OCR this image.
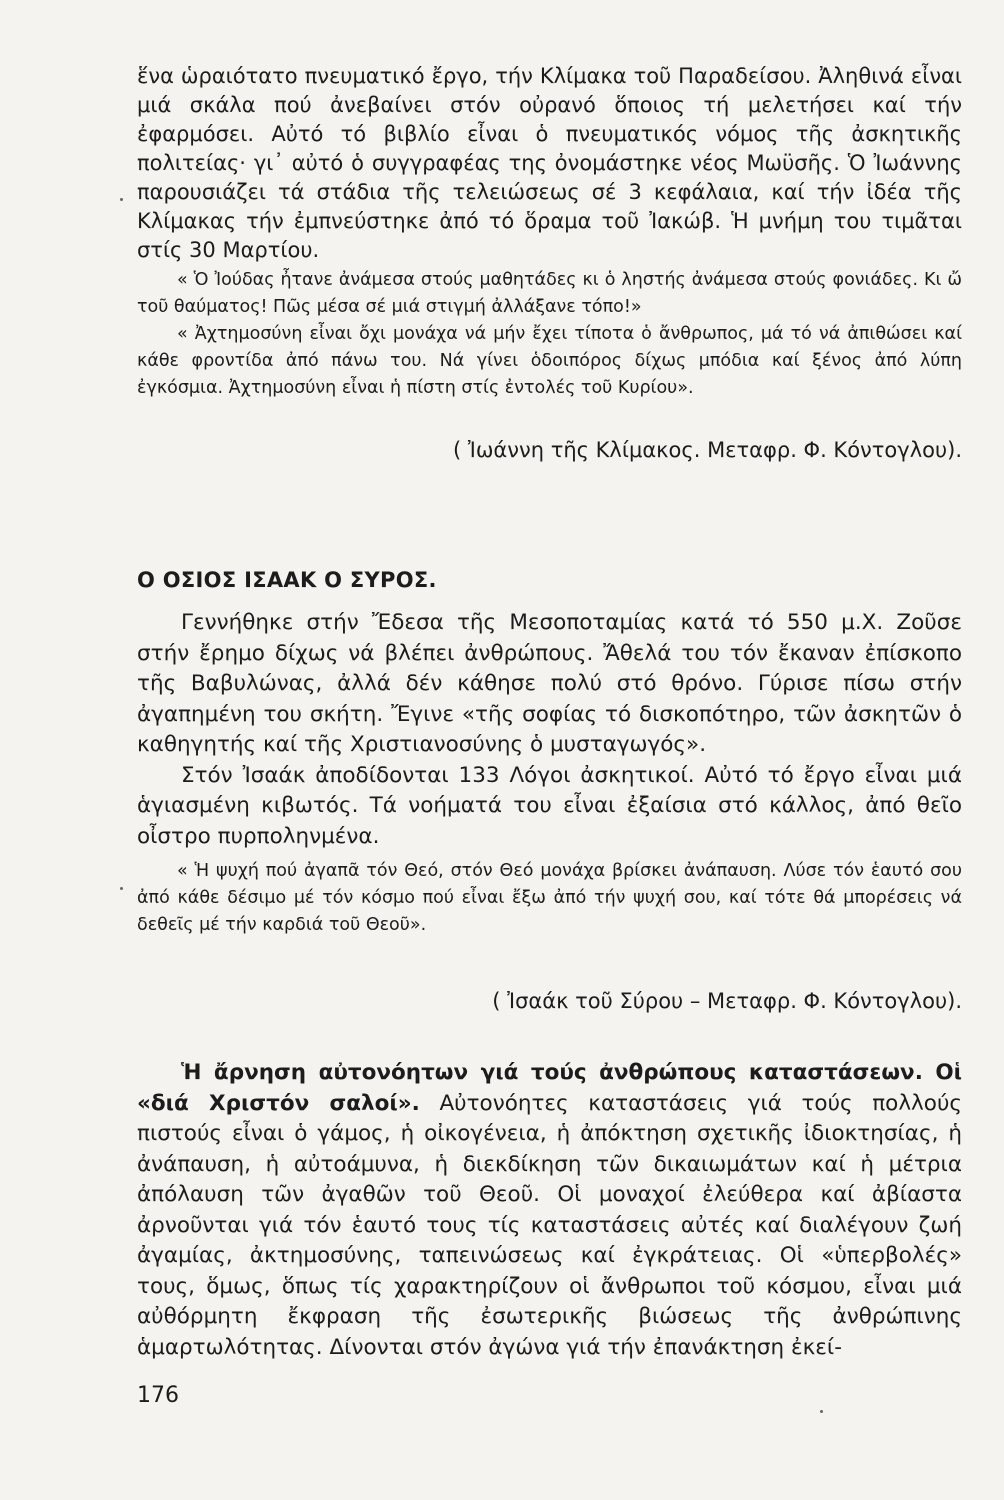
ἕνα ὡραιότατο πνευματικό ἔργο, τήν Κλίμακα τοῦ Παραδείσου. Ἀληθινά εἶναι μιά σκάλα πού ἀνεβαίνει στόν οὐρανό ὅποιος τή μελετήσει καί τήν ἐφαρμόσει. Αὐτό τό βιβλίο εἶναι ὁ πνευματικός νόμος τῆς ἀσκητικῆς πολιτείας· γι᾽ αὐτό ὁ συγγραφέας της ὀνομάστηκε νέος Μωϋσῆς. Ὁ Ἰωάννης παρουσιάζει τά στάδια τῆς τελειώσεως σέ 3 κεφάλαια, καί τήν ἰδέα τῆς Κλίμακας τήν ἐμπνεύστηκε ἀπό τό ὅραμα τοῦ Ἰακώβ. Ἡ μνήμη του τιμᾶται στίς 30 Μαρτίου.

« Ὁ Ἰούδας ἦτανε ἀνάμεσα στούς μαθητάδες κι ὁ ληστής ἀνάμεσα στούς φονιάδες. Κι ὤ τοῦ θαύματος! Πῶς μέσα σέ μιά στιγμή ἀλλάξανε τόπο!»

« Ἀχτημοσύνη εἶναι ὄχι μονάχα νά μήν ἔχει τίποτα ὁ ἄνθρωπος, μά τό νά ἀπιθώσει καί κάθε φροντίδα ἀπό πάνω του. Νά γίνει ὁδοιπόρος δίχως μπόδια καί ξένος ἀπό λύπη ἐγκόσμια. Ἀχτημοσύνη εἶναι ἡ πίστη στίς ἐντολές τοῦ Κυρίου».

( Ἰωάννη τῆς Κλίμακος. Μεταφρ. Φ. Κόντογλου).
Ο ΟΣΙΟΣ ΙΣΑΑΚ Ο ΣΥΡΟΣ.

Γεννήθηκε στήν Ἔδεσα τῆς Μεσοποταμίας κατά τό 550 μ.Χ. Ζοῦσε στήν ἔρημο δίχως νά βλέπει ἀνθρώπους. Ἄθελά του τόν ἔκαναν ἐπίσκοπο τῆς Βαβυλώνας, ἀλλά δέν κάθησε πολύ στό θρόνο. Γύρισε πίσω στήν ἀγαπημένη του σκήτη. Ἔγινε «τῆς σοφίας τό δισκοπότηρο, τῶν ἀσκητῶν ὁ καθηγητής καί τῆς Χριστιανοσύνης ὁ μυσταγωγός».

Στόν Ἰσαάκ ἀποδίδονται 133 Λόγοι ἀσκητικοί. Αὐτό τό ἔργο εἶναι μιά ἁγιασμένη κιβωτός. Τά νοήματά του εἶναι ἐξαίσια στό κάλλος, ἀπό θεῖο οἶστρο πυρποληνμένα.

« Ἡ ψυχή πού ἀγαπᾶ τόν Θεό, στόν Θεό μονάχα βρίσκει ἀνάπαυση. Λύσε τόν ἑαυτό σου ἀπό κάθε δέσιμο μέ τόν κόσμο πού εἶναι ἔξω ἀπό τήν ψυχή σου, καί τότε θά μπορέσεις νά δεθεῖς μέ τήν καρδιά τοῦ Θεοῦ».

( Ἰσαάκ τοῦ Σύρου – Μεταφρ. Φ. Κόντογλου).

Ἡ ἄρνηση αὐτονόητων γιά τούς ἀνθρώπους καταστάσεων. Οἱ «διά Χριστόν σαλοί». Αὐτονόητες καταστάσεις γιά τούς πολλούς πιστούς εἶναι ὁ γάμος, ἡ οἰκογένεια, ἡ ἀπόκτηση σχετικῆς ἰδιοκτησίας, ἡ ἀνάπαυση, ἡ αὐτοάμυνα, ἡ διεκδίκηση τῶν δικαιωμάτων καί ἡ μέτρια ἀπόλαυση τῶν ἀγαθῶν τοῦ Θεοῦ. Οἱ μοναχοί ἐλεύθερα καί ἀβίαστα ἀρνοῦνται γιά τόν ἑαυτό τους τίς καταστάσεις αὐτές καί διαλέγουν ζωή ἀγαμίας, ἀκτημοσύνης, ταπεινώσεως καί ἐγκράτειας. Οἱ «ὑπερβολές» τους, ὅμως, ὅπως τίς χαρακτηρίζουν οἱ ἄνθρωποι τοῦ κόσμου, εἶναι μιά αὐθόρμητη ἔκφραση τῆς ἐσωτερικῆς βιώσεως τῆς ἀνθρώπινης ἁμαρτωλότητας. Δίνονται στόν ἀγώνα γιά τήν ἐπανάκτηση ἐκεί-

176
